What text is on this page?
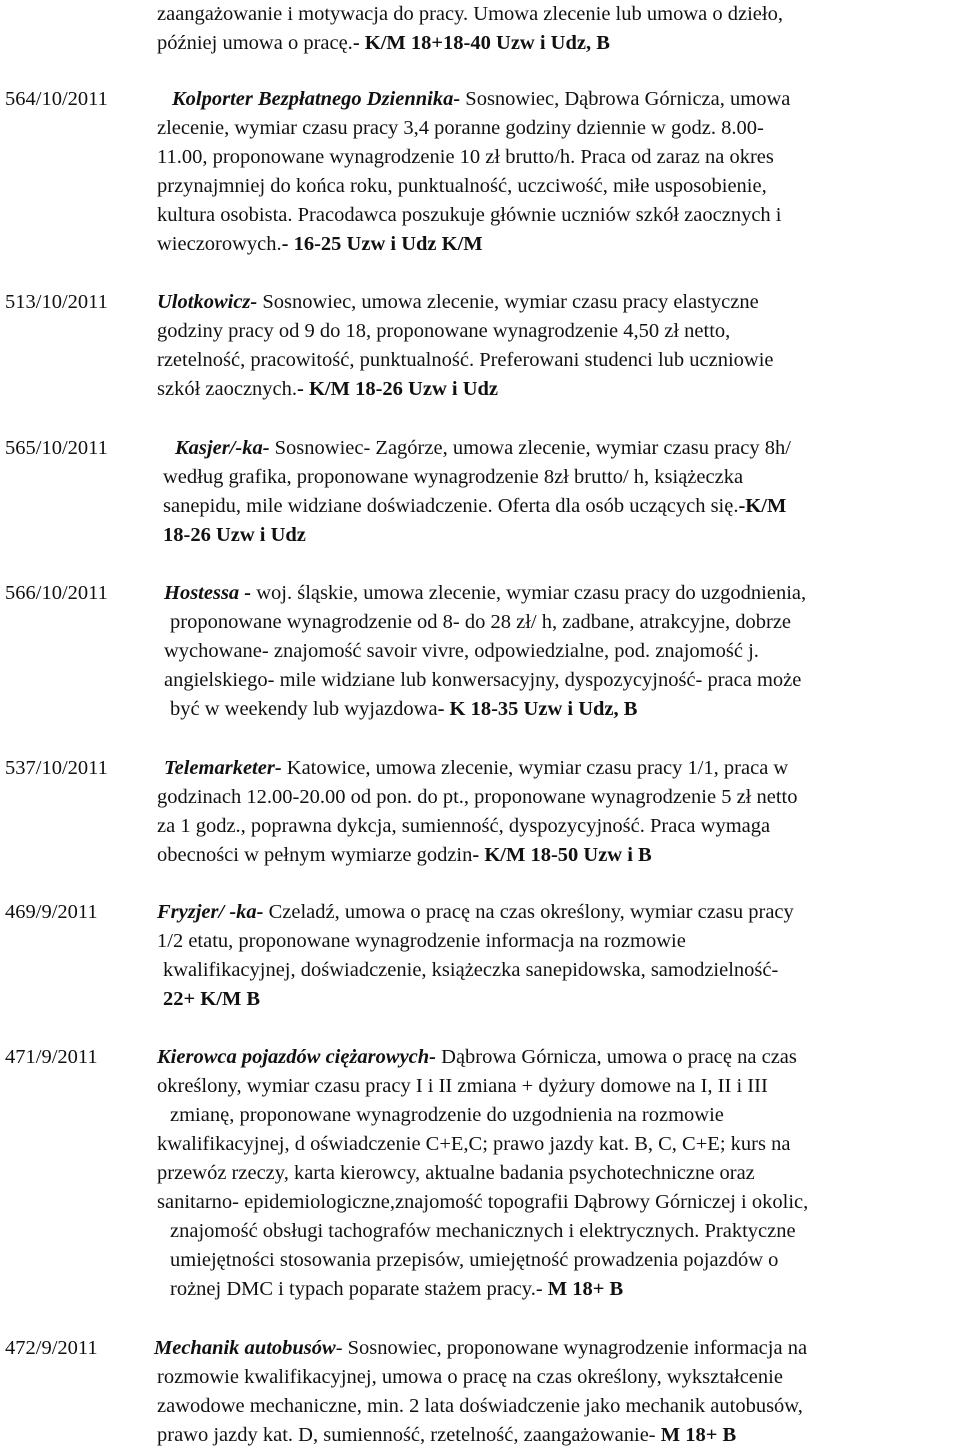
zaangażowanie i motywacja do pracy. Umowa zlecenie lub umowa o dzieło,
później umowa o pracę.- K/M 18+18-40 Uzw i Udz, B
564/10/2011	Kolporter Bezpłatnego Dziennika- Sosnowiec, Dąbrowa Górnicza, umowa
zlecenie, wymiar czasu pracy 3,4 poranne godziny dziennie w godz. 8.00-
11.00, proponowane wynagrodzenie 10 zł brutto/h. Praca od zaraz na okres
przynajmniej do końca roku, punktualność, uczciwość, miłe usposobienie,
kultura osobista. Pracodawca poszukuje głównie uczniów szkół zaocznych i
wieczorowych.- 16-25 Uzw i Udz K/M
513/10/2011 Ulotkowicz- Sosnowiec, umowa zlecenie, wymiar czasu pracy elastyczne
godziny pracy od 9 do 18, proponowane wynagrodzenie 4,50 zł netto,
rzetelność, pracowitość, punktualność. Preferowani studenci lub uczniowie
szkół zaocznych.- K/M 18-26 Uzw i Udz
565/10/2011	Kasjer/-ka- Sosnowiec- Zagórze, umowa zlecenie, wymiar czasu pracy 8h/
według grafika, proponowane wynagrodzenie 8zł brutto/ h, książeczka
sanepidu, mile widziane doświadczenie. Oferta dla osób uczących się.-K/M
18-26 Uzw i Udz
566/10/2011	Hostessa - woj. śląskie, umowa zlecenie, wymiar czasu pracy do uzgodnienia,
proponowane wynagrodzenie od 8- do 28 zł/ h, zadbane, atrakcyjne, dobrze
wychowane- znajomość savoir vivre, odpowiedzialne, pod. znajomość j.
angielskiego- mile widziane lub konwersacyjny, dyspozycyjność- praca może
być w weekendy lub wyjazdowa- K 18-35 Uzw i Udz, B
537/10/2011	Telemarketer- Katowice, umowa zlecenie, wymiar czasu pracy 1/1, praca w
godzinach 12.00-20.00 od pon. do pt., proponowane wynagrodzenie 5 zł netto
za 1 godz., poprawna dykcja, sumienność, dyspozycyjność. Praca wymaga
obecności w pełnym wymiarze godzin- K/M 18-50 Uzw i B
469/9/2011	Fryzjer/ -ka- Czeladź, umowa o pracę na czas określony, wymiar czasu pracy
1/2 etatu, proponowane wynagrodzenie informacja na rozmowie
kwalifikacyjnej, doświadczenie, książeczka sanepidowska, samodzielność-
22+ K/M B
471/9/2011	Kierowca pojazdów ciężarowych- Dąbrowa Górnicza, umowa o pracę na czas
określony, wymiar czasu pracy I i II zmiana + dyżury domowe na I, II i III
zmianę, proponowane wynagrodzenie do uzgodnienia na rozmowie
kwalifikacyjnej, d oświadczenie C+E,C; prawo jazdy kat. B, C, C+E; kurs na
przewóz rzeczy, karta kierowcy, aktualne badania psychotechniczne oraz
sanitarno- epidemiologiczne,znajomość topografii Dąbrowy Górniczej i okolic,
znajomość obsługi tachografów mechanicznych i elektrycznych. Praktyczne
umiejętności stosowania przepisów, umiejętność prowadzenia pojazdów o
rożnej DMC i typach poparate stażem pracy.- M 18+ B
472/9/2011	Mechanik autobusów- Sosnowiec, proponowane wynagrodzenie informacja na
rozmowie kwalifikacyjnej, umowa o pracę na czas określony, wykształcenie
zawodowe mechaniczne, min. 2 lata doświadczenie jako mechanik autobusów,
prawo jazdy kat. D, sumienność, rzetelność, zaangażowanie- M 18+ B
